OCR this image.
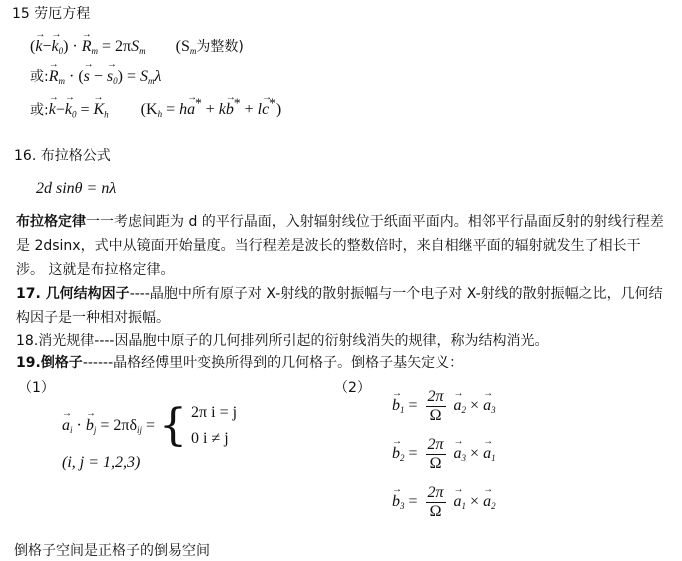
15 劳厄方程
(→ $k-\to k_0$) · → $R_m = 2\pi S_m$ ($S_m$为整数)
或:→ $R_m$ · (→ s − → $s_0) = S_m\lambda$
或:→ $k-\to k_0$ = → $K_h$ $(K_h = h\to a^* + k\to b^* + l\to c^*)$
16. 布拉格公式
2d sinθ = nλ
布拉格定律一一考虑间距为 d 的平行晶面，入射辐射线位于纸面平面内。相邻平行晶面反射的射线行程差是 2dsinx，式中从镜面开始量度。当行程差是波长的整数倍时，来自相继平面的辐射就发生了相长干涉。 这就是布拉格定律。
17. 几何结构因子----晶胞中所有原子对 X-射线的散射振幅与一个电子对 X-射线的散射振幅之比，几何结构因子是一种相对振幅。
18.消光规律----因晶胞中原子的几何排列所引起的衍射线消失的规律，称为结构消光。
19.倒格子------晶格经傅里叶变换所得到的几何格子。倒格子基矢定义：
（1）	（2）
→ $a_i$ · → $b_j = 2\pi\delta_{ij}$ = { 2π i = j
0 i ≠ j
(i, j = 1,2,3)
→ $b_1 = \frac{2\pi}{\Omega} \to a_2$ × → $a_3$
→ $b_2 = \frac{2\pi}{\Omega} \to a_3$ × → $a_1$
→ $b_3 = \frac{2\pi}{\Omega} \to a_1$ × → $a_2$
倒格子空间是正格子的倒易空间
